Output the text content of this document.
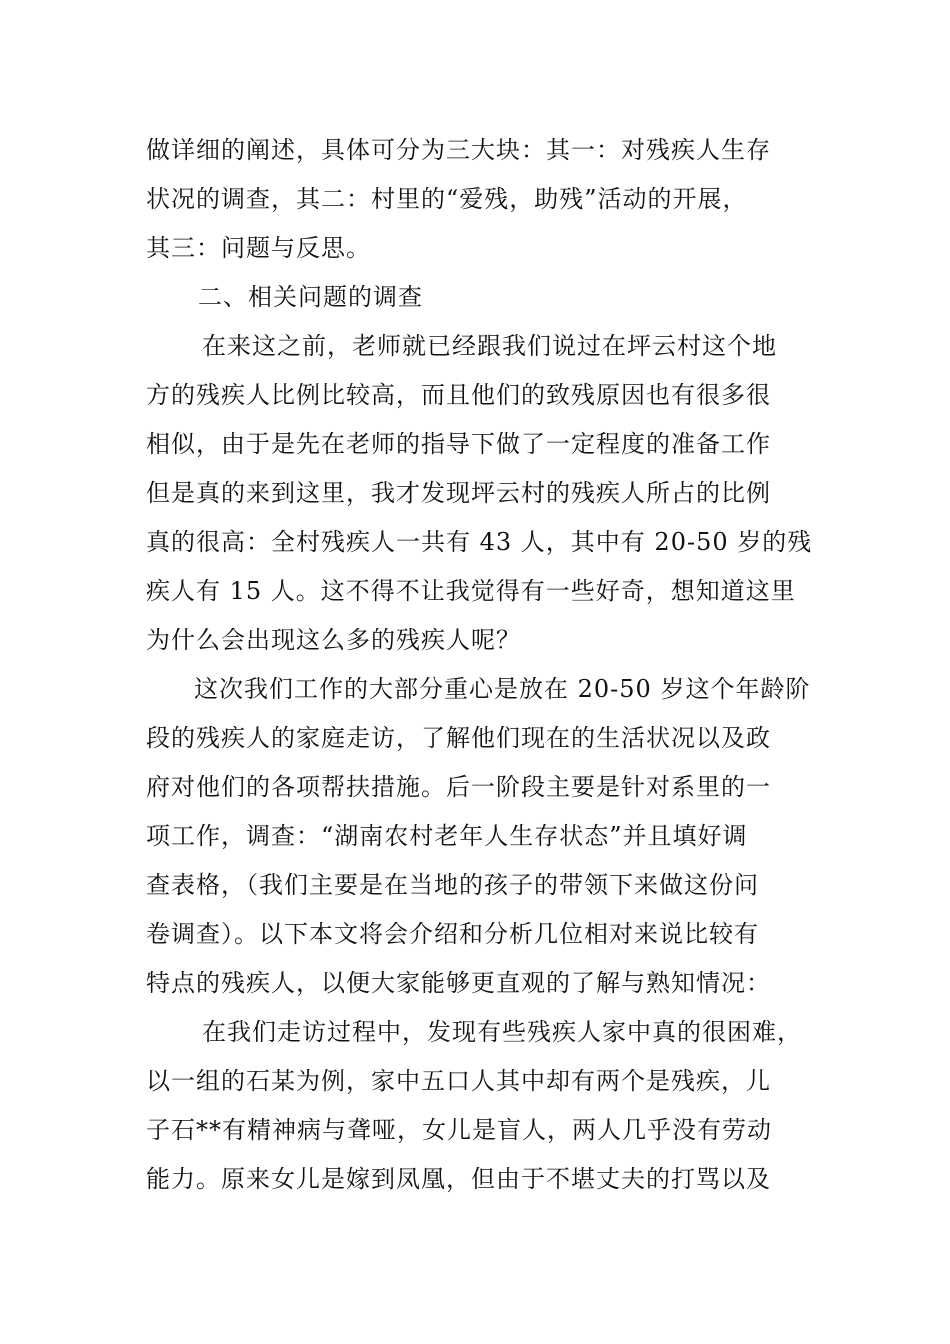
做详细的阐述，具体可分为三大块：其一：对残疾人生存
状况的调查，其二：村里的“爱残，助残”活动的开展，
其三：问题与反思。
二、相关问题的调查
在来这之前，老师就已经跟我们说过在坪云村这个地
方的残疾人比例比较高，而且他们的致残原因也有很多很
相似，由于是先在老师的指导下做了一定程度的准备工作
但是真的来到这里，我才发现坪云村的残疾人所占的比例
真的很高：全村残疾人一共有 43 人，其中有 20-50 岁的残
疾人有 15 人。这不得不让我觉得有一些好奇，想知道这里
为什么会出现这么多的残疾人呢？
这次我们工作的大部分重心是放在 20-50 岁这个年龄阶
段的残疾人的家庭走访，了解他们现在的生活状况以及政
府对他们的各项帮扶措施。后一阶段主要是针对系里的一
项工作，调查：“湖南农村老年人生存状态”并且填好调
查表格，（我们主要是在当地的孩子的带领下来做这份问
卷调查）。以下本文将会介绍和分析几位相对来说比较有
特点的残疾人，以便大家能够更直观的了解与熟知情况：
在我们走访过程中，发现有些残疾人家中真的很困难，
以一组的石某为例，家中五口人其中却有两个是残疾，儿
子石**有精神病与聋哑，女儿是盲人，两人几乎没有劳动
能力。原来女儿是嫁到凤凰，但由于不堪丈夫的打骂以及
